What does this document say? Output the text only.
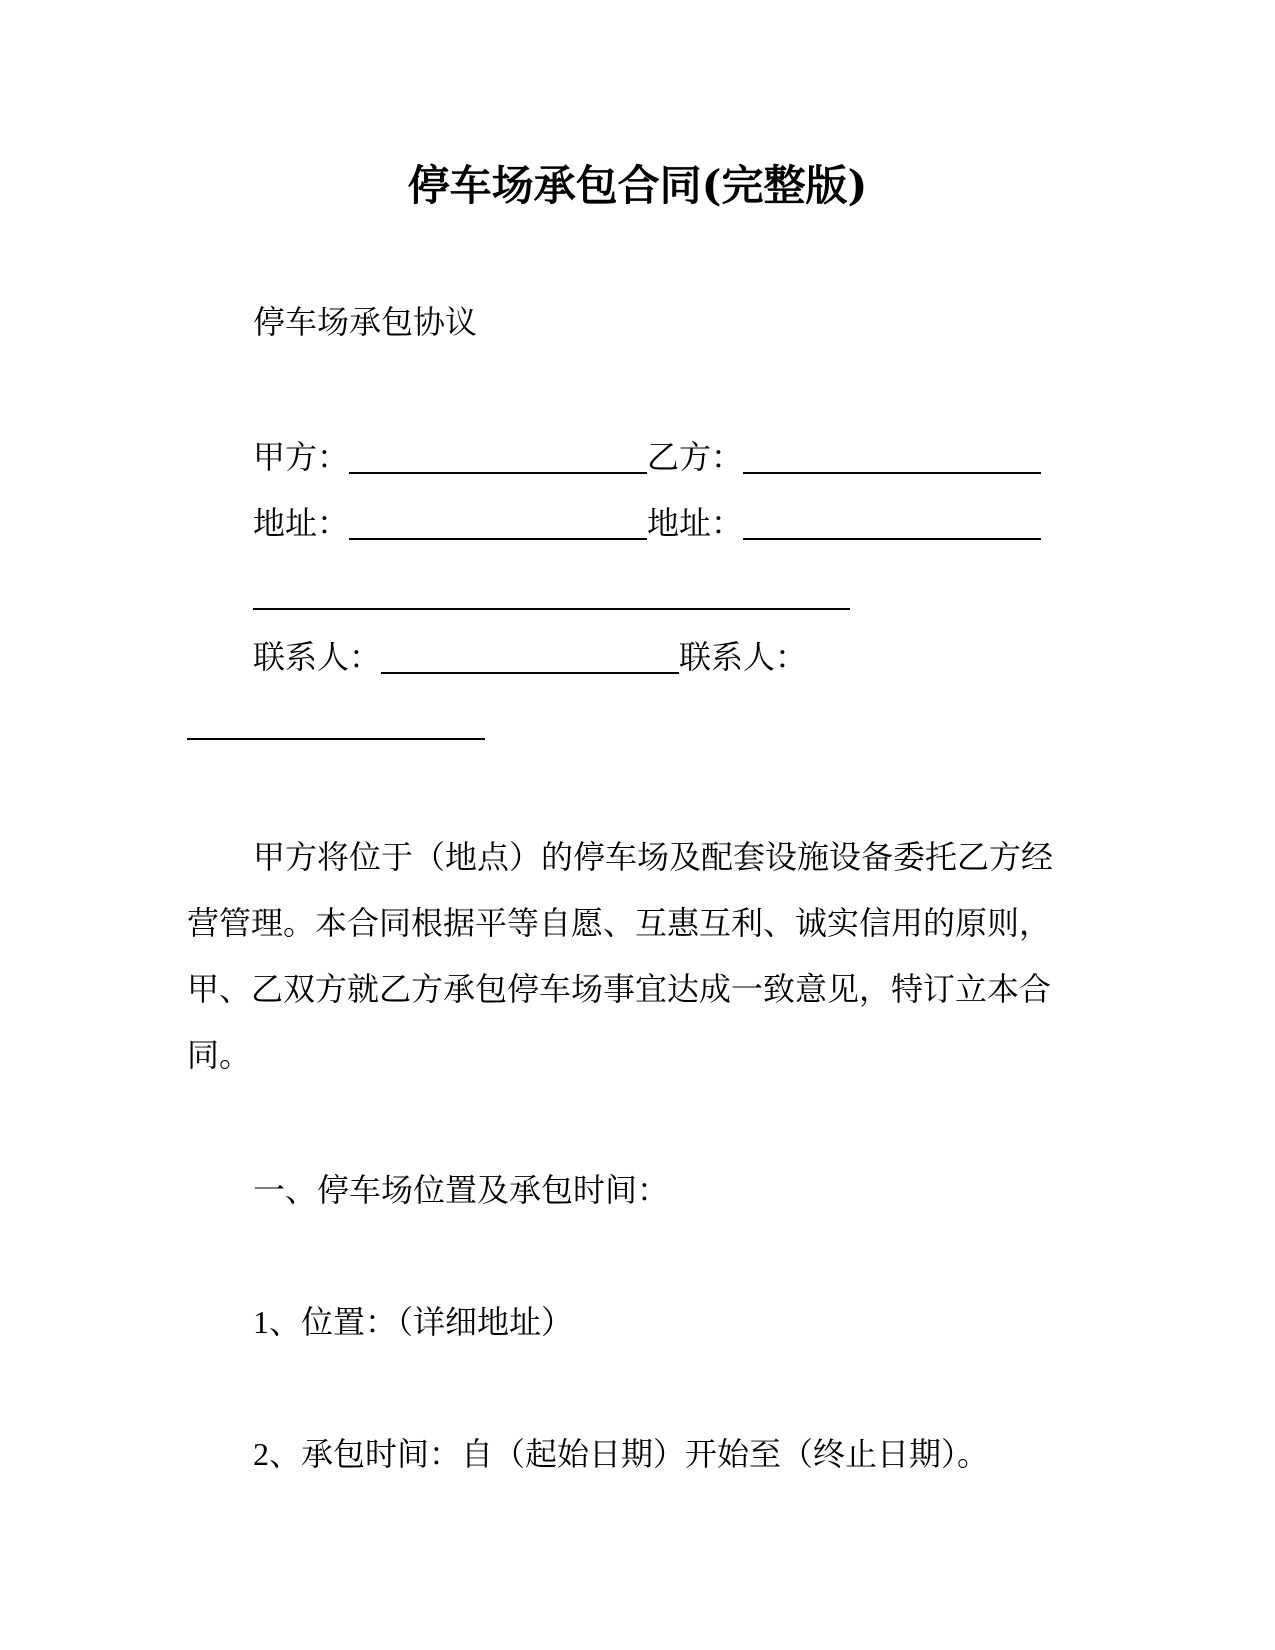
停车场承包合同(完整版)
停车场承包协议
甲方：	乙方：
地址：	地址：
联系人：	联系人：
甲方将位于（地点）的停车场及配套设施设备委托乙方经
营管理。本合同根据平等自愿、互惠互利、诚实信用的原则，
甲、乙双方就乙方承包停车场事宜达成一致意见，特订立本合
同。
一、停车场位置及承包时间：
1、位置：（详细地址）
2、承包时间：自（起始日期）开始至（终止日期）。
